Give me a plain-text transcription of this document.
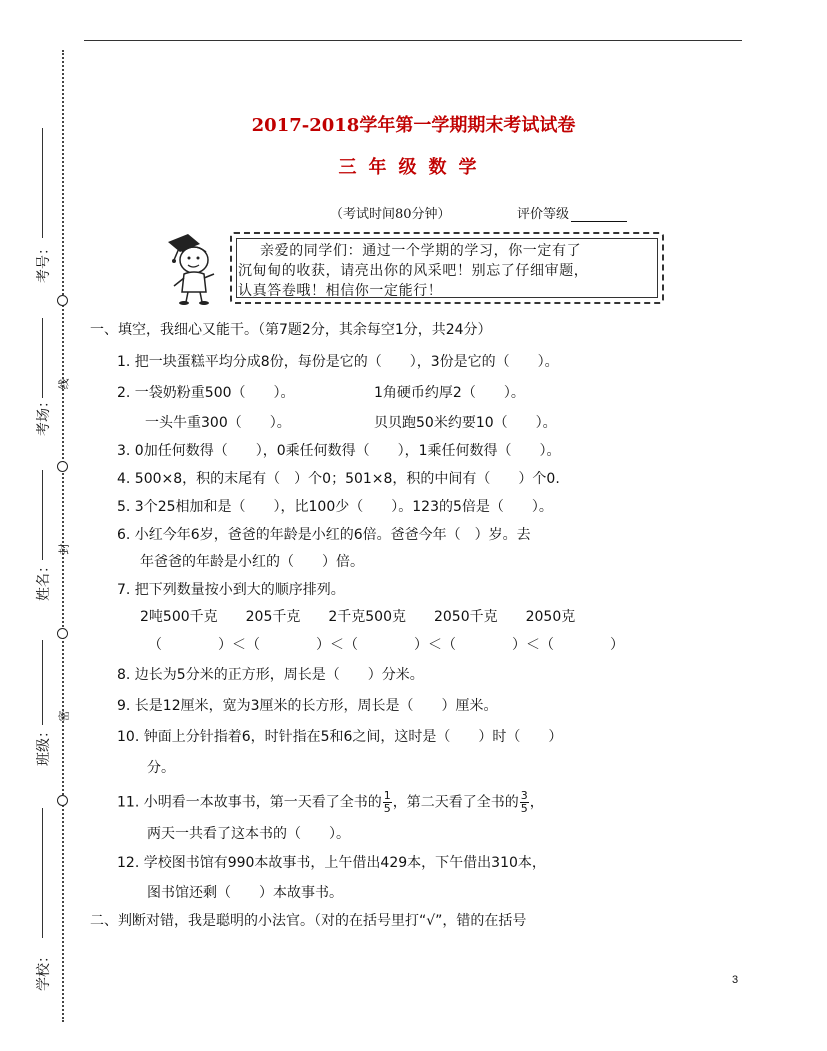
考号：
考场：
线
姓名：
封
班级：
密
学校：
2017-2018学年第一学期期末考试试卷
三年级数学
（考试时间80分钟）	评价等级
亲爱的同学们：通过一个学期的学习，你一定有了
沉甸甸的收获，请亮出你的风采吧！别忘了仔细审题，
认真答卷哦！相信你一定能行！
一、填空，我细心又能干。（第7题2分，其余每空1分，共24分）
1. 把一块蛋糕平均分成8份，每份是它的（　　），3份是它的（　　）。
2. 一袋奶粉重500（　　）。	1角硬币约厚2（　　）。
一头牛重300（　　）。	贝贝跑50米约要10（　　）。
3. 0加任何数得（　　），0乘任何数得（　　），1乘任何数得（　　）。
4. 500×8，积的末尾有（　）个0；501×8，积的中间有（　　）个0.
5. 3个25相加和是（　　），比100少（　　）。123的5倍是（　　）。
6. 小红今年6岁，爸爸的年龄是小红的6倍。爸爸今年（　）岁。去
年爸爸的年龄是小红的（　　）倍。
7. 把下列数量按小到大的顺序排列。
2吨500千克　　205千克　　2千克500克　　2050千克　　2050克
（　　　　）＜（　　　　）＜（　　　　）＜（　　　　）＜（　　　　）
8. 边长为5分米的正方形，周长是（　　）分米。
9. 长是12厘米，宽为3厘米的长方形，周长是（　　）厘米。
10. 钟面上分针指着6，时针指在5和6之间，这时是（　　）时（　　）
分。
11. 小明看一本故事书，第一天看了全书的 $\frac{1}{5}$ ，第二天看了全书的 $\frac{3}{5}$ ，
两天一共看了这本书的（　　）。
12. 学校图书馆有990本故事书，上午借出429本，下午借出310本，
图书馆还剩（　　）本故事书。
二、判断对错，我是聪明的小法官。（对的在括号里打“√”，错的在括号
3
